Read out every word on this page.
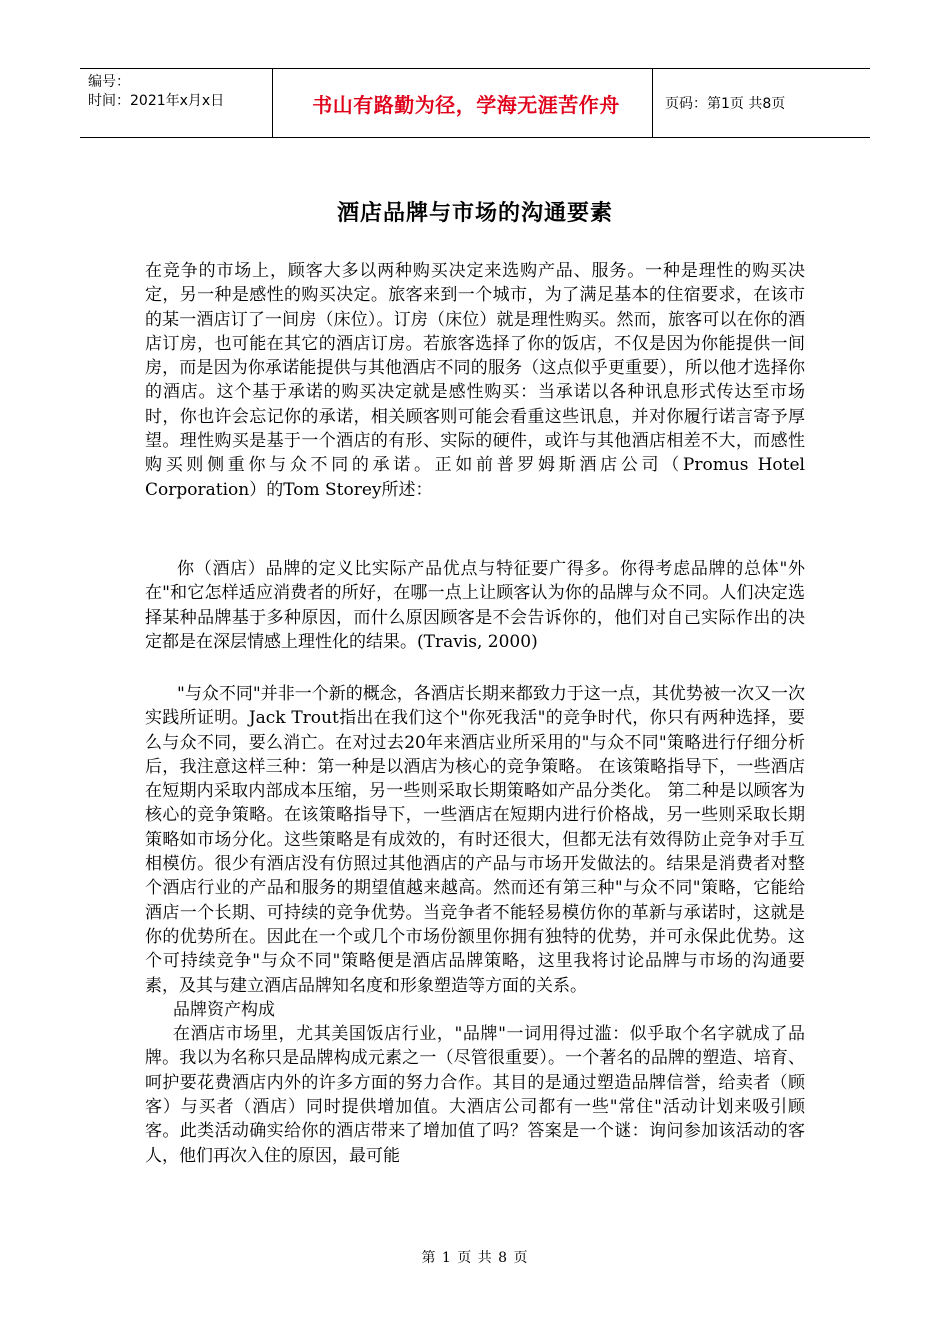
编号：
时间：2021年x月x日	书山有路勤为径，学海无涯苦作舟	页码：第1页 共8页
酒店品牌与市场的沟通要素

在竞争的市场上，顾客大多以两种购买决定来选购产品、服务。一种是理性的购买决定，另一种是感性的购买决定。旅客来到一个城市，为了满足基本的住宿要求，在该市的某一酒店订了一间房（床位）。订房（床位）就是理性购买。然而，旅客可以在你的酒店订房，也可能在其它的酒店订房。若旅客选择了你的饭店，不仅是因为你能提供一间房，而是因为你承诺能提供与其他酒店不同的服务（这点似乎更重要），所以他才选择你的酒店。这个基于承诺的购买决定就是感性购买：当承诺以各种讯息形式传达至市场时，你也许会忘记你的承诺，相关顾客则可能会看重这些讯息，并对你履行诺言寄予厚望。理性购买是基于一个酒店的有形、实际的硬件，或许与其他酒店相差不大，而感性购买则侧重你与众不同的承诺。正如前普罗姆斯酒店公司（Promus Hotel Corporation）的Tom Storey所述：

你（酒店）品牌的定义比实际产品优点与特征要广得多。你得考虑品牌的总体"外在"和它怎样适应消费者的所好，在哪一点上让顾客认为你的品牌与众不同。人们决定选择某种品牌基于多种原因，而什么原因顾客是不会告诉你的，他们对自己实际作出的决定都是在深层情感上理性化的结果。(Travis, 2000)

"与众不同"并非一个新的概念，各酒店长期来都致力于这一点，其优势被一次又一次实践所证明。Jack Trout指出在我们这个"你死我活"的竞争时代，你只有两种选择，要么与众不同，要么消亡。在对过去20年来酒店业所采用的"与众不同"策略进行仔细分析后，我注意这样三种：第一种是以酒店为核心的竞争策略。 在该策略指导下，一些酒店在短期内采取内部成本压缩，另一些则采取长期策略如产品分类化。 第二种是以顾客为核心的竞争策略。在该策略指导下，一些酒店在短期内进行价格战，另一些则采取长期策略如市场分化。这些策略是有成效的，有时还很大，但都无法有效得防止竞争对手互相模仿。很少有酒店没有仿照过其他酒店的产品与市场开发做法的。结果是消费者对整个酒店行业的产品和服务的期望值越来越高。然而还有第三种"与众不同"策略，它能给酒店一个长期、可持续的竞争优势。当竞争者不能轻易模仿你的革新与承诺时，这就是你的优势所在。因此在一个或几个市场份额里你拥有独特的优势，并可永保此优势。这个可持续竞争"与众不同"策略便是酒店品牌策略，这里我将讨论品牌与市场的沟通要素，及其与建立酒店品牌知名度和形象塑造等方面的关系。

品牌资产构成

在酒店市场里，尤其美国饭店行业，"品牌"一词用得过滥：似乎取个名字就成了品牌。我以为名称只是品牌构成元素之一（尽管很重要）。一个著名的品牌的塑造、培育、呵护要花费酒店内外的许多方面的努力合作。其目的是通过塑造品牌信誉，给卖者（顾客）与买者（酒店）同时提供增加值。大酒店公司都有一些"常住"活动计划来吸引顾客。此类活动确实给你的酒店带来了增加值了吗？答案是一个谜：询问参加该活动的客人，他们再次入住的原因，最可能

第 1 页 共 8 页
